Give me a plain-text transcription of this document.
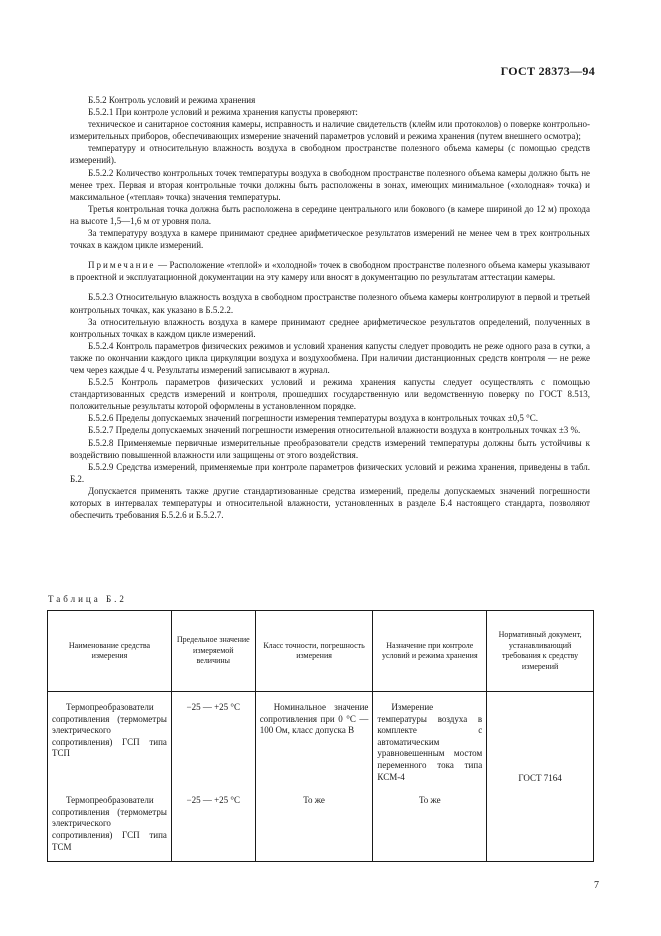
ГОСТ 28373—94

Б.5.2 Контроль условий и режима хранения

Б.5.2.1 При контроле условий и режима хранения капусты проверяют:

техническое и санитарное состояния камеры, исправность и наличие свидетельств (клейм или протоколов) о поверке контрольно-измерительных приборов, обеспечивающих измерение значений параметров условий и режима хранения (путем внешнего осмотра);

температуру и относительную влажность воздуха в свободном пространстве полезного объема камеры (с помощью средств измерений).

Б.5.2.2 Количество контрольных точек температуры воздуха в свободном пространстве полезного объема камеры должно быть не менее трех. Первая и вторая контрольные точки должны быть расположены в зонах, имеющих минимальное («холодная» точка) и максимальное («теплая» точка) значения температуры.

Третья контрольная точка должна быть расположена в середине центрального или бокового (в камере шириной до 12 м) прохода на высоте 1,5—1,6 м от уровня пола.

За температуру воздуха в камере принимают среднее арифметическое результатов измерений не менее чем в трех контрольных точках в каждом цикле измерений.

Примечание — Расположение «теплой» и «холодной» точек в свободном пространстве полезного объема камеры указывают в проектной и эксплуатационной документации на эту камеру или вносят в документацию по результатам аттестации камеры.

Б.5.2.3 Относительную влажность воздуха в свободном пространстве полезного объема камеры контролируют в первой и третьей контрольных точках, как указано в Б.5.2.2.

За относительную влажность воздуха в камере принимают среднее арифметическое результатов определений, полученных в контрольных точках в каждом цикле измерений.

Б.5.2.4 Контроль параметров физических режимов и условий хранения капусты следует проводить не реже одного раза в сутки, а также по окончании каждого цикла циркуляции воздуха и воздухообмена. При наличии дистанционных средств контроля — не реже чем через каждые 4 ч. Результаты измерений записывают в журнал.

Б.5.2.5 Контроль параметров физических условий и режима хранения капусты следует осуществлять с помощью стандартизованных средств измерений и контроля, прошедших государственную или ведомственную поверку по ГОСТ 8.513, положительные результаты которой оформлены в установленном порядке.

Б.5.2.6 Пределы допускаемых значений погрешности измерения температуры воздуха в контрольных точках ±0,5 °С.

Б.5.2.7 Пределы допускаемых значений погрешности измерения относительной влажности воздуха в контрольных точках ±3 %.

Б.5.2.8 Применяемые первичные измерительные преобразователи средств измерений температуры должны быть устойчивы к воздействию повышенной влажности или защищены от этого воздействия.

Б.5.2.9 Средства измерений, применяемые при контроле параметров физических условий и режима хранения, приведены в табл. Б.2.

Допускается применять также другие стандартизованные средства измерений, пределы допускаемых значений погрешности которых в интервалах температуры и относительной влажности, установленных в разделе Б.4 настоящего стандарта, позволяют обеспечить требования Б.5.2.6 и Б.5.2.7.

Таблица Б.2
Наименование средства измерения	Предельное значение измеряемой величины	Класс точности, погрешность измерения	Назначение при контроле условий и режима хранения	Нормативный документ, устанавливающий требования к средству измерений
Термопреобразователи сопротивления (термометры электрического сопротивления) ГСП типа ТСП	−25 — +25 °С	Номинальное значение сопротивления при 0 °С — 100 Ом, класс допуска В	Измерение температуры воздуха в комплекте с автоматическим уравновешенным мостом переменного тока типа КСМ-4	ГОСТ 7164
Термопреобразователи сопротивления (термометры электрического сопротивления) ГСП типа ТСМ	−25 — +25 °С	То же	То же	
7
